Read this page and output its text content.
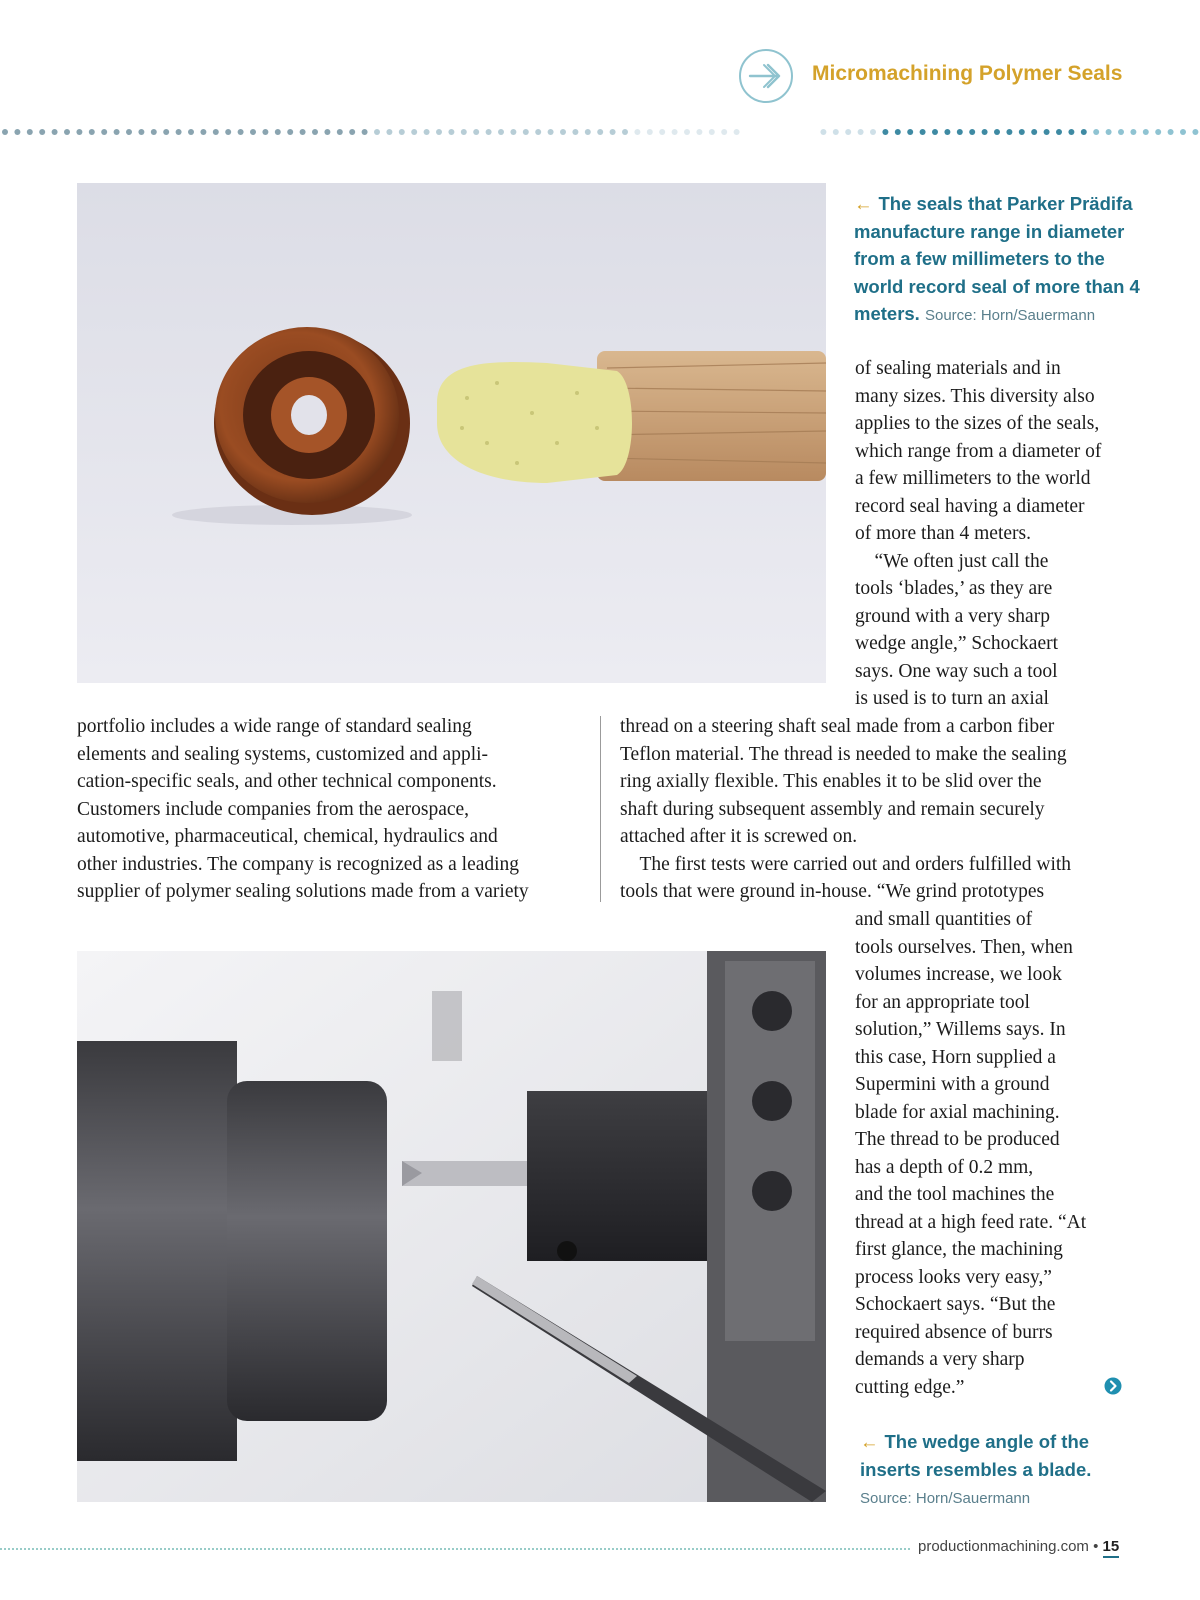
Micromachining Polymer Seals
← The seals that Parker Prädifa manufacture range in diameter from a few millimeters to the world record seal of more than 4 meters. Source: Horn/Sauermann
of sealing materials and in
many sizes. This diversity also
applies to the sizes of the seals,
which range from a diameter of
a few millimeters to the world
record seal having a diameter
of more than 4 meters.
 “We often just call the
tools ‘blades,’ as they are
ground with a very sharp
wedge angle,” Schockaert
says. One way such a tool
is used is to turn an axial
portfolio includes a wide range of standard sealing
elements and sealing systems, customized and appli-
cation-specific seals, and other technical components.
Customers include companies from the aerospace,
automotive, pharmaceutical, chemical, hydraulics and
other industries. The company is recognized as a leading
supplier of polymer sealing solutions made from a variety
thread on a steering shaft seal made from a carbon fiber
Teflon material. The thread is needed to make the sealing
ring axially flexible. This enables it to be slid over the
shaft during subsequent assembly and remain securely
attached after it is screwed on.
 The first tests were carried out and orders fulfilled with
tools that were ground in-house. “We grind prototypes
and small quantities of
tools ourselves. Then, when
volumes increase, we look
for an appropriate tool
solution,” Willems says. In
this case, Horn supplied a
Supermini with a ground
blade for axial machining.
The thread to be produced
has a depth of 0.2 mm,
and the tool machines the
thread at a high feed rate. “At
first glance, the machining
process looks very easy,”
Schockaert says. “But the
required absence of burrs
demands a very sharp
cutting edge.”
← The wedge angle of the inserts resembles a blade.
Source: Horn/Sauermann
productionmachining.com • 15
